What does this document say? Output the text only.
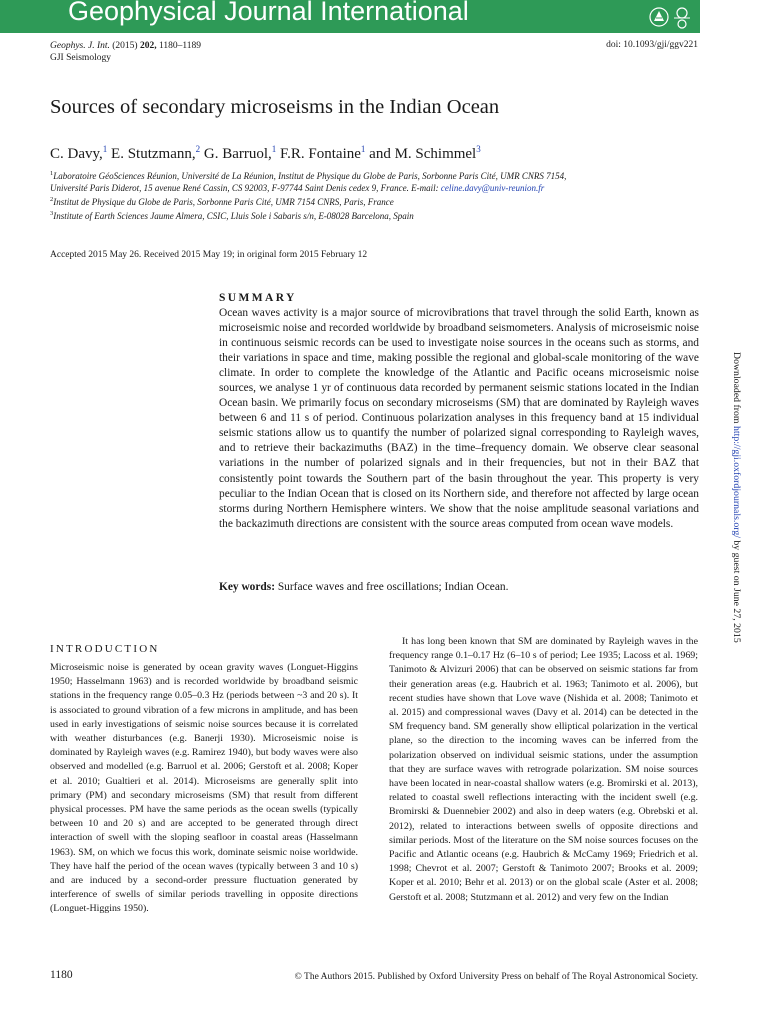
Geophysical Journal International
Geophys. J. Int. (2015) 202, 1180–1189	doi: 10.1093/gji/ggv221
GJI Seismology
Sources of secondary microseisms in the Indian Ocean
C. Davy,$^1$ E. Stutzmann,$^2$ G. Barruol,$^1$ F.R. Fontaine$^1$ and M. Schimmel$^3$
$^1$Laboratoire GéoSciences Réunion, Université de La Réunion, Institut de Physique du Globe de Paris, Sorbonne Paris Cité, UMR CNRS 7154,
Université Paris Diderot, 15 avenue René Cassin, CS 92003, F-97744 Saint Denis cedex 9, France. E-mail: celine.davy@univ-reunion.fr
$^2$Institut de Physique du Globe de Paris, Sorbonne Paris Cité, UMR 7154 CNRS, Paris, France
$^3$Institute of Earth Sciences Jaume Almera, CSIC, Lluis Sole i Sabaris s/n, E-08028 Barcelona, Spain
Accepted 2015 May 26. Received 2015 May 19; in original form 2015 February 12
SUMMARY
Ocean waves activity is a major source of microvibrations that travel through the solid Earth, known as microseismic noise and recorded worldwide by broadband seismometers. Analysis of microseismic noise in continuous seismic records can be used to investigate noise sources in the oceans such as storms, and their variations in space and time, making possible the regional and global-scale monitoring of the wave climate. In order to complete the knowledge of the Atlantic and Pacific oceans microseismic noise sources, we analyse 1 yr of continuous data recorded by permanent seismic stations located in the Indian Ocean basin. We primarily focus on secondary microseisms (SM) that are dominated by Rayleigh waves between 6 and 11 s of period. Continuous polarization analyses in this frequency band at 15 individual seismic stations allow us to quantify the number of polarized signal corresponding to Rayleigh waves, and to retrieve their backazimuths (BAZ) in the time–frequency domain. We observe clear seasonal variations in the number of polarized signals and in their frequencies, but not in their BAZ that consistently point towards the Southern part of the basin throughout the year. This property is very peculiar to the Indian Ocean that is closed on its Northern side, and therefore not affected by large ocean storms during Northern Hemisphere winters. We show that the noise amplitude seasonal variations and the backazimuth directions are consistent with the source areas computed from ocean wave models.
Key words: Surface waves and free oscillations; Indian Ocean.
INTRODUCTION
Microseismic noise is generated by ocean gravity waves (Longuet-Higgins 1950; Hasselmann 1963) and is recorded worldwide by broadband seismic stations in the frequency range 0.05–0.3 Hz (periods between ~3 and 20 s). It is associated to ground vibration of a few microns in amplitude, and has been used in early investigations of seismic noise sources because it is correlated with weather disturbances (e.g. Banerji 1930). Microseismic noise is dominated by Rayleigh waves (e.g. Ramirez 1940), but body waves were also observed and modelled (e.g. Barruol et al. 2006; Gerstoft et al. 2008; Koper et al. 2010; Gualtieri et al. 2014). Microseisms are generally split into primary (PM) and secondary microseisms (SM) that result from different physical processes. PM have the same periods as the ocean swells (typically between 10 and 20 s) and are accepted to be generated through direct interaction of swell with the sloping seafloor in coastal areas (Hasselmann 1963). SM, on which we focus this work, dominate seismic noise worldwide. They have half the period of the ocean waves (typically between 3 and 10 s) and are induced by a second-order pressure fluctuation generated by interference of swells of similar periods travelling in opposite directions (Longuet-Higgins 1950).

It has long been known that SM are dominated by Rayleigh waves in the frequency range 0.1–0.17 Hz (6–10 s of period; Lee 1935; Lacoss et al. 1969; Tanimoto & Alvizuri 2006) that can be observed on seismic stations far from their generation areas (e.g. Haubrich et al. 1963; Tanimoto et al. 2006), but recent studies have shown that Love wave (Nishida et al. 2008; Tanimoto et al. 2015) and compressional waves (Davy et al. 2014) can be detected in the SM frequency band. SM generally show elliptical polarization in the vertical plane, so the direction to the incoming waves can be inferred from the polarization observed on individual seismic stations, under the assumption that they are surface waves with retrograde polarization. SM noise sources have been located in near-coastal shallow waters (e.g. Bromirski et al. 2013), related to coastal swell reflections interacting with the incident swell (e.g. Bromirski & Duennebier 2002) and also in deep waters (e.g. Obrebski et al. 2012), related to interactions between swells of opposite directions and similar periods. Most of the literature on the SM noise sources focuses on the Pacific and Atlantic oceans (e.g. Haubrich & McCamy 1969; Friedrich et al. 1998; Chevrot et al. 2007; Gerstoft & Tanimoto 2007; Brooks et al. 2009; Koper et al. 2010; Behr et al. 2013) or on the global scale (Aster et al. 2008; Gerstoft et al. 2008; Stutzmann et al. 2012) and very few on the Indian

1180	© The Authors 2015. Published by Oxford University Press on behalf of The Royal Astronomical Society.
Downloaded from http://gji.oxfordjournals.org/ by guest on June 27, 2015
